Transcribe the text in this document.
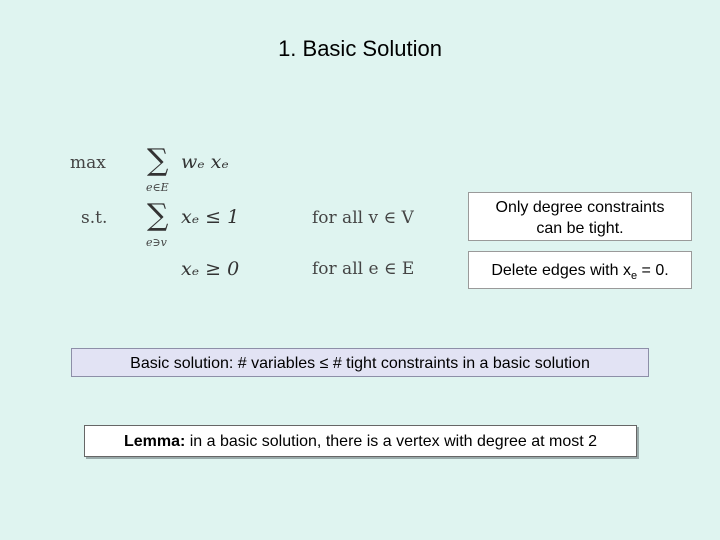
1. Basic Solution
max ∑
e∈E
wₑ xₑ
s.t. ∑
e∋v
xₑ ≤ 1	for all v ∈ V
xₑ ≥ 0	for all e ∈ E
Only degree constraints
can be tight.
Delete edges with $x_e = 0$.
Basic solution: # variables ≤ # tight constraints in a basic solution
Lemma: in a basic solution, there is a vertex with degree at most 2
